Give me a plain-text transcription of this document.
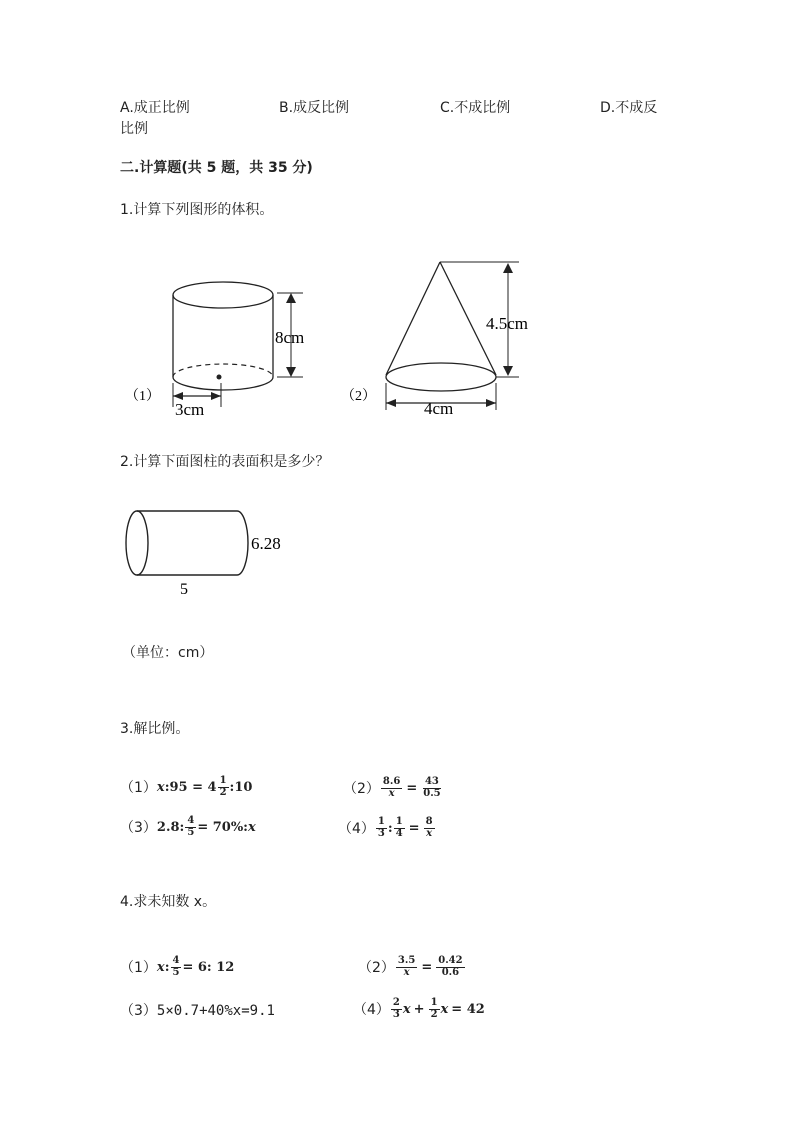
A.成正比例	B.成反比例	C.不成比例	D.不成反
比例
二.计算题(共 5 题，共 35 分)
1.计算下列图形的体积。
（1）
8cm
3cm
（2）
4.5cm
4cm
2.计算下面图柱的表面积是多少？
6.28
5
（单位：cm）
3.解比例。
（1） x :95 = $4 \frac{1}{2}$ :10	$(2) \frac{8.6}{x} = \frac{43}{0.5}$
（3） 2.8: $\frac{4}{5} = 70\%$: x	$(4) \frac{1}{3}$ : $\frac{1}{4} = \frac{8}{x}$
4.求未知数 x。
（1） x : $\frac{4}{5} = 6$: 12	$(2) \frac{3.5}{x} = \frac{0.42}{0.6}$
（3）5×0.7+40%x=9.1	$(4) \frac{2}{3}$ $x + \frac{1}{2}$ x = 42
